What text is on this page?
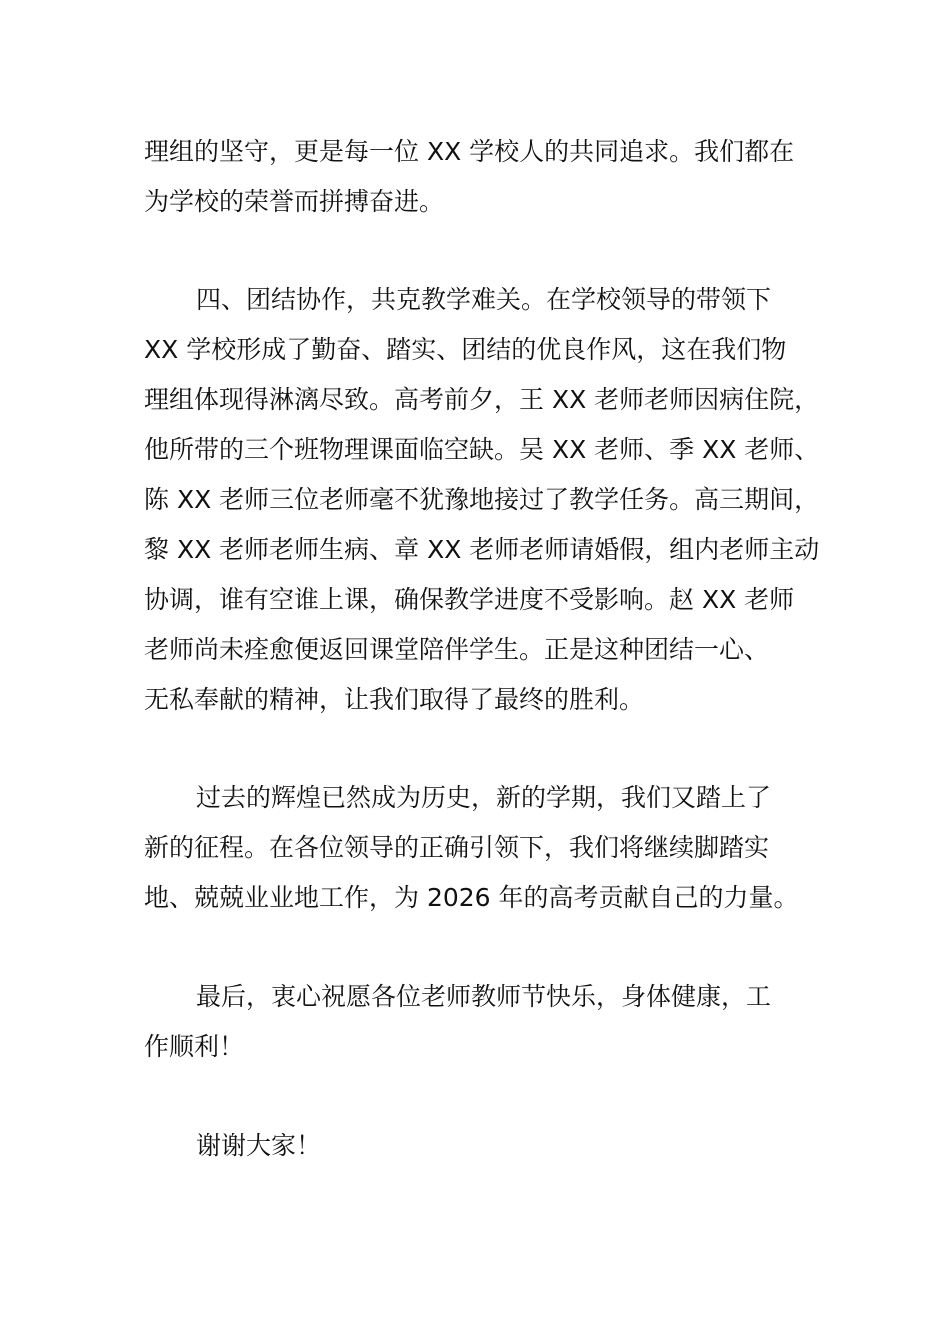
理组的坚守，更是每一位 XX 学校人的共同追求。我们都在
为学校的荣誉而拼搏奋进。
四、团结协作，共克教学难关。在学校领导的带领下
XX 学校形成了勤奋、踏实、团结的优良作风，这在我们物
理组体现得淋漓尽致。高考前夕，王 XX 老师老师因病住院，
他所带的三个班物理课面临空缺。吴 XX 老师、季 XX 老师、
陈 XX 老师三位老师毫不犹豫地接过了教学任务。高三期间，
黎 XX 老师老师生病、章 XX 老师老师请婚假，组内老师主动
协调，谁有空谁上课，确保教学进度不受影响。赵 XX 老师
老师尚未痊愈便返回课堂陪伴学生。正是这种团结一心、
无私奉献的精神，让我们取得了最终的胜利。
过去的辉煌已然成为历史，新的学期，我们又踏上了
新的征程。在各位领导的正确引领下，我们将继续脚踏实
地、兢兢业业地工作，为 2026 年的高考贡献自己的力量。
最后，衷心祝愿各位老师教师节快乐，身体健康，工
作顺利！
谢谢大家！
